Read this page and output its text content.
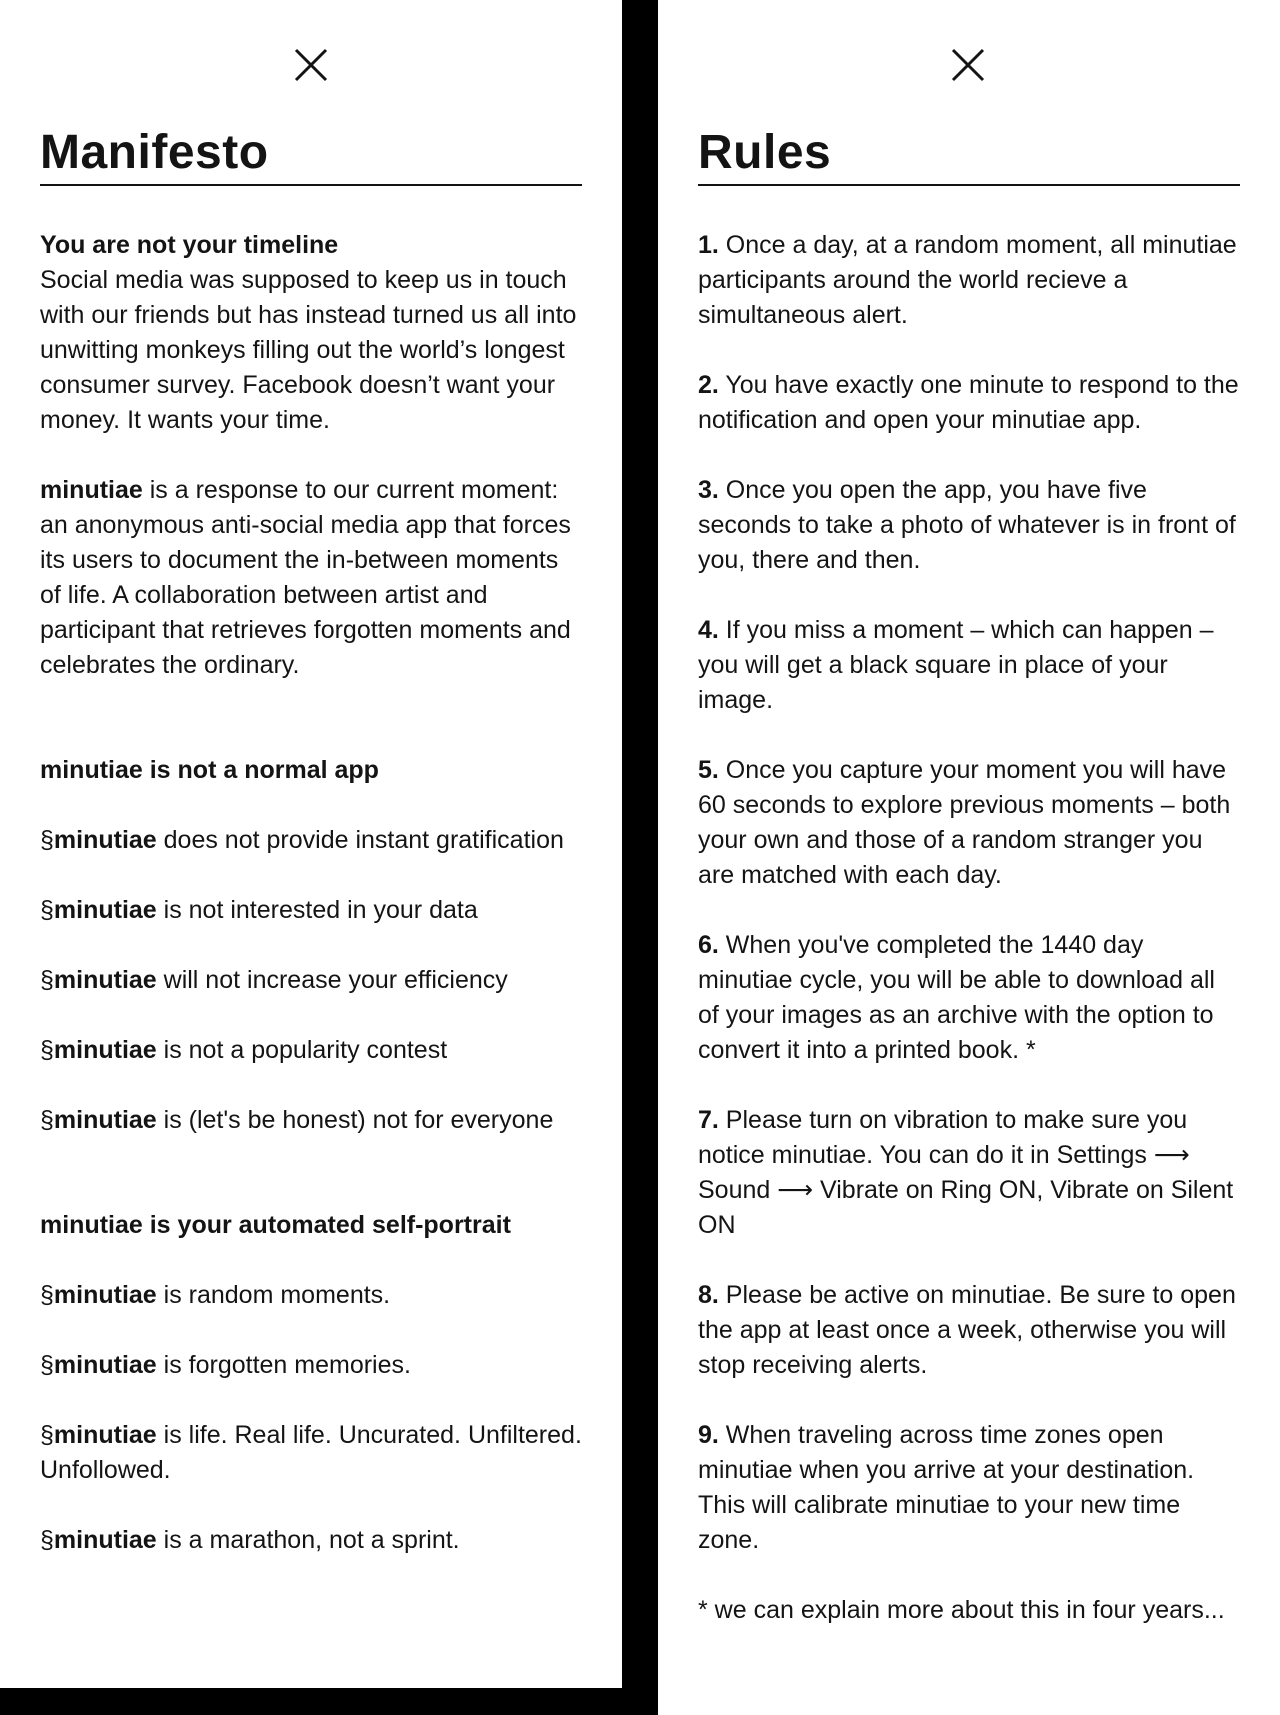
Manifesto

You are not your timeline

Social media was supposed to keep us in touch with our friends but has instead turned us all into unwitting monkeys filling out the world’s longest consumer survey. Facebook doesn’t want your money. It wants your time.

minutiae is a response to our current moment: an anonymous anti-social media app that forces its users to document the in-between moments of life. A collaboration between artist and participant that retrieves forgotten moments and celebrates the ordinary.

minutiae is not a normal app

§minutiae does not provide instant gratification

§minutiae is not interested in your data

§minutiae will not increase your efficiency

§minutiae is not a popularity contest

§minutiae is (let's be honest) not for everyone

minutiae is your automated self-portrait

§minutiae is random moments.

§minutiae is forgotten memories.

§minutiae is life. Real life. Uncurated. Unfiltered. Unfollowed.

§minutiae is a marathon, not a sprint.

Rules

1. Once a day, at a random moment, all minutiae participants around the world recieve a simultaneous alert.

2. You have exactly one minute to respond to the notification and open your minutiae app.

3. Once you open the app, you have five seconds to take a photo of whatever is in front of you, there and then.

4. If you miss a moment – which can happen – you will get a black square in place of your image.

5. Once you capture your moment you will have 60 seconds to explore previous moments – both your own and those of a random stranger you are matched with each day.

6. When you've completed the 1440 day minutiae cycle, you will be able to download all of your images as an archive with the option to convert it into a printed book. *

7. Please turn on vibration to make sure you notice minutiae. You can do it in Settings ⟶ Sound ⟶ Vibrate on Ring ON, Vibrate on Silent ON

8. Please be active on minutiae. Be sure to open the app at least once a week, otherwise you will stop receiving alerts.

9. When traveling across time zones open minutiae when you arrive at your destination. This will calibrate minutiae to your new time zone.

* we can explain more about this in four years...
